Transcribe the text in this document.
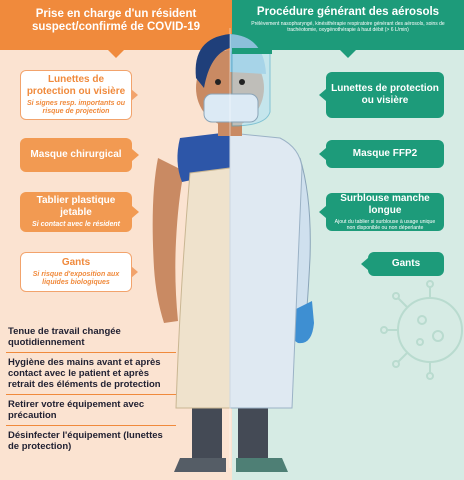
Prise en charge d'un résident suspect/confirmé de COVID-19
Procédure générant des aérosols
Prélèvement nasopharyngé, kinésithérapie respiratoire générant des aérosols, soins de trachéotomie, oxygénothérapie à haut débit (> 6 L/min)
Lunettes de protection ou visière
Si signes resp. importants ou risque de projection
Masque chirurgical
Tablier plastique jetable
Si contact avec le résident
Gants
Si risque d'exposition aux liquides biologiques
Lunettes de protection ou visière
Masque FFP2
Surblouse manche longue
Ajout du tablier si surblouse à usage unique non disponible ou non déperlante
Gants
Tenue de travail changée quotidiennement
Hygiène des mains avant et après contact avec le patient et après retrait des éléments de protection
Retirer votre équipement avec précaution
Désinfecter l'équipement (lunettes de protection)
